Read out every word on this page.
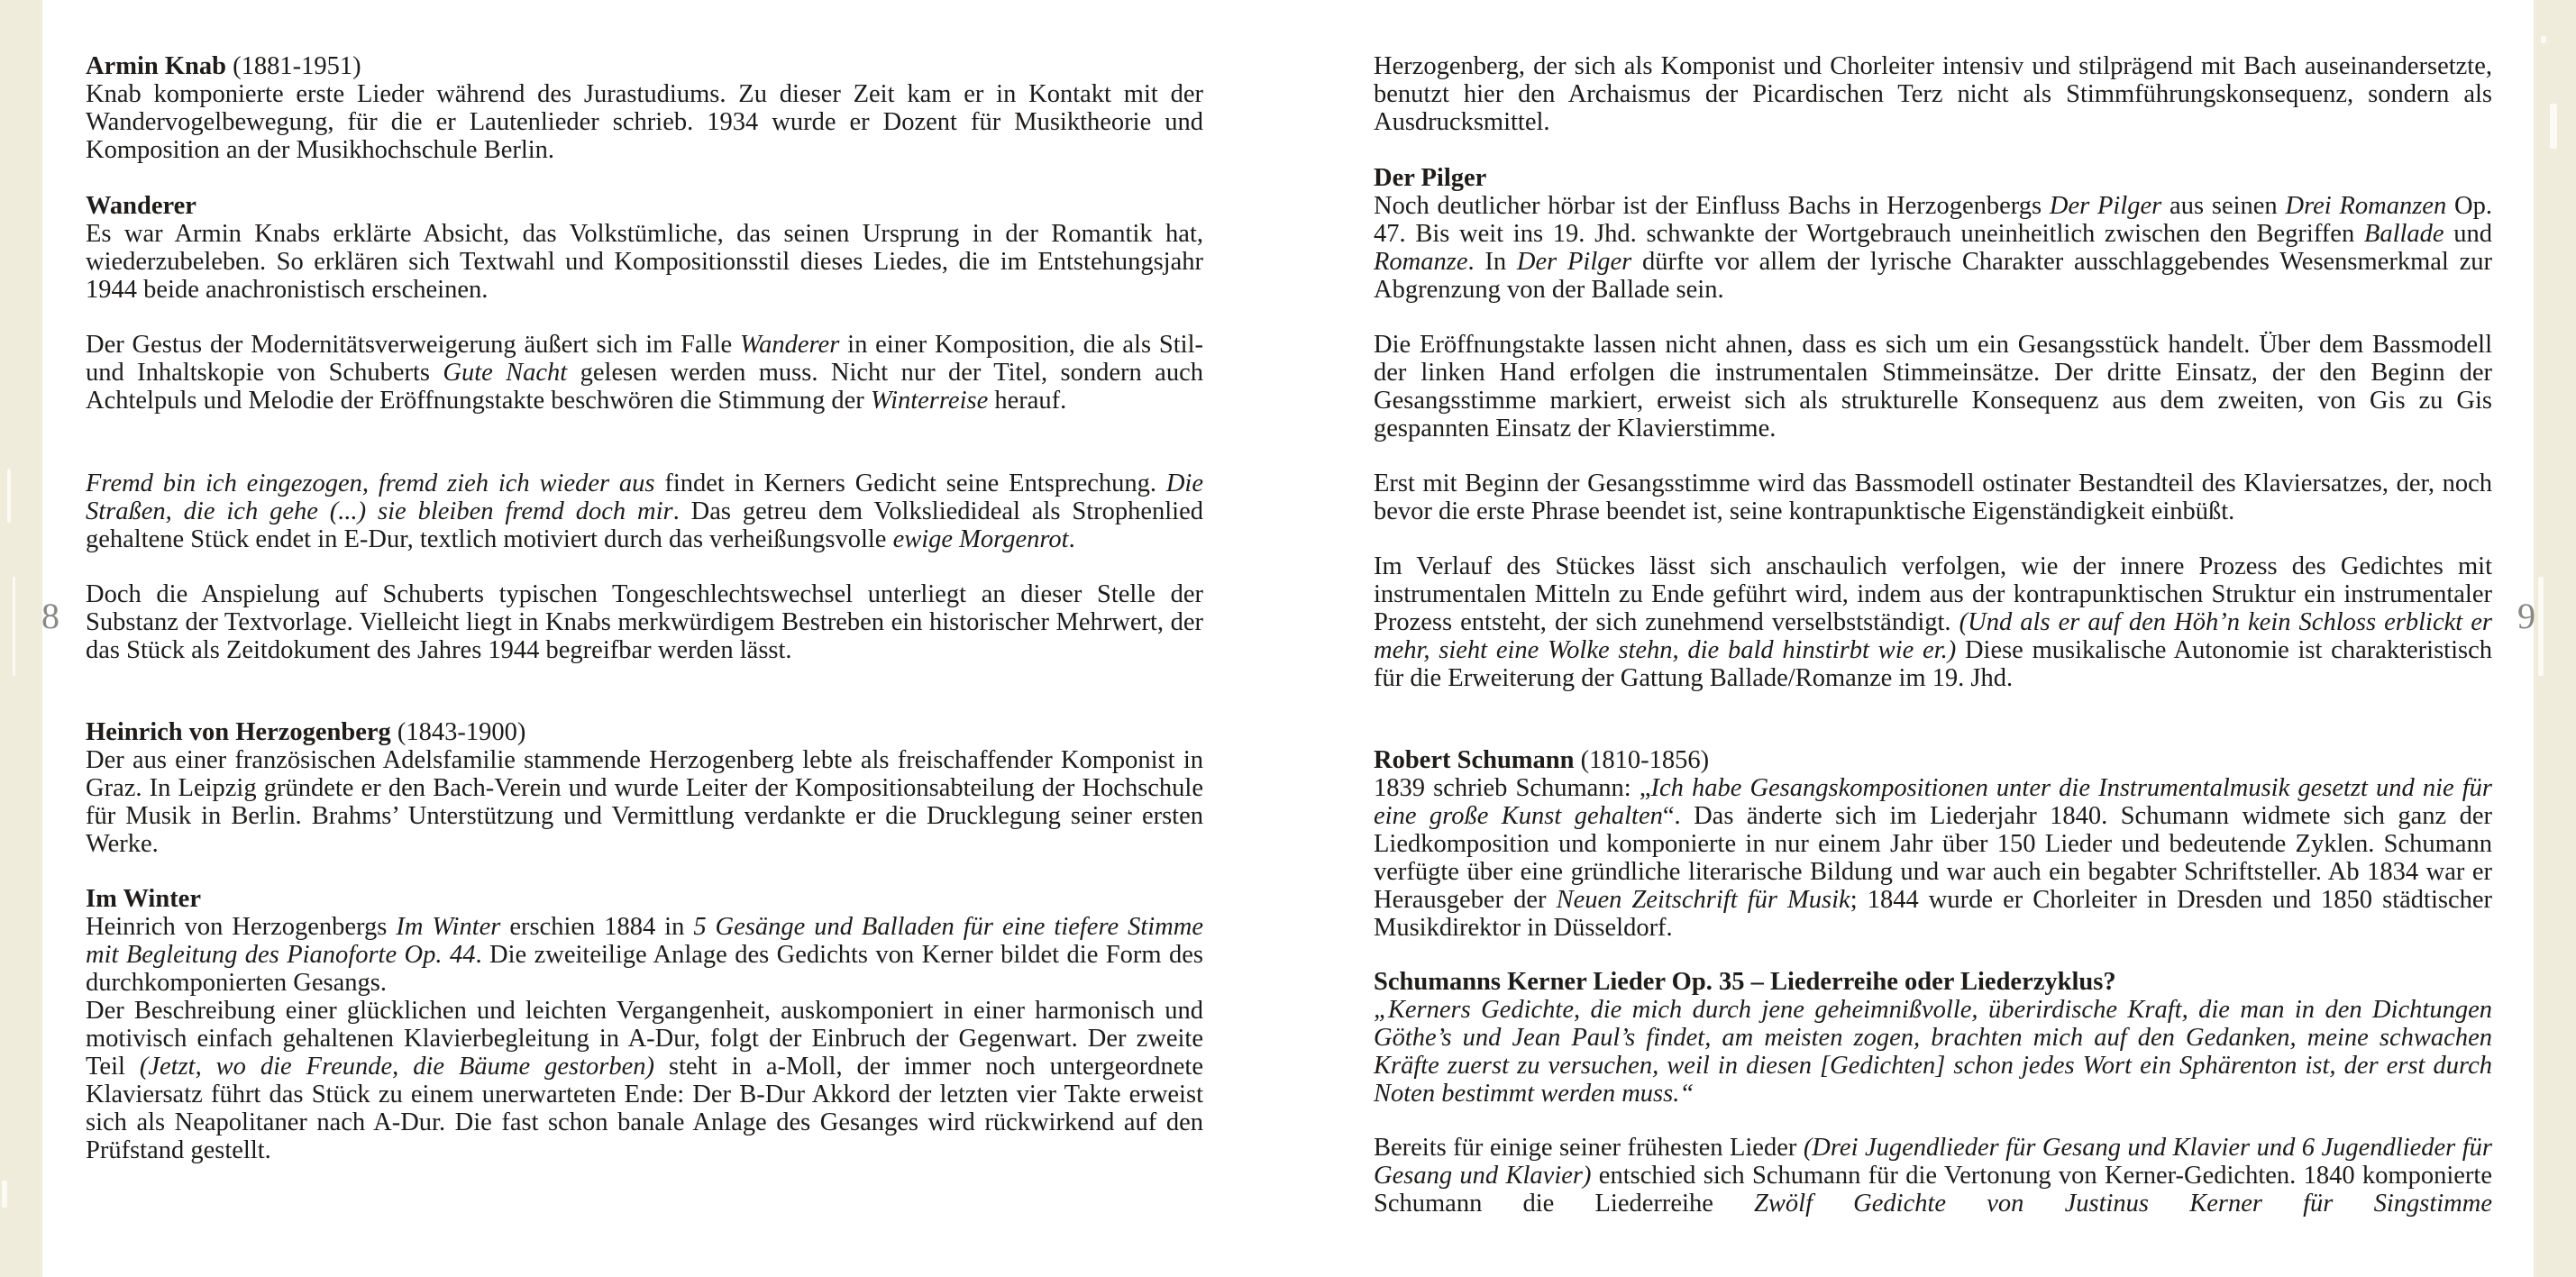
8	9
Armin Knab (1881-1951)

Knab komponierte erste Lieder während des Jurastudiums. Zu dieser Zeit kam er in Kontakt mit der Wandervogelbewegung, für die er Lautenlieder schrieb. 1934 wurde er Dozent für Musiktheorie und Komposition an der Musikhochschule Berlin.

Wanderer

Es war Armin Knabs erklärte Absicht, das Volkstümliche, das seinen Ursprung in der Romantik hat, wiederzubeleben. So erklären sich Textwahl und Kompositionsstil dieses Liedes, die im Entstehungsjahr 1944 beide anachronistisch erscheinen.

Der Gestus der Modernitätsverweigerung äußert sich im Falle Wanderer in einer Komposition, die als Stil- und Inhaltskopie von Schuberts Gute Nacht gelesen werden muss. Nicht nur der Titel, sondern auch Achtelpuls und Melodie der Eröffnungstakte beschwören die Stimmung der Winterreise herauf.

Fremd bin ich eingezogen, fremd zieh ich wieder aus findet in Kerners Gedicht seine Entsprechung. Die Straßen, die ich gehe (...) sie bleiben fremd doch mir. Das getreu dem Volksliedideal als Strophenlied gehaltene Stück endet in E-Dur, textlich motiviert durch das verheißungsvolle ewige Morgenrot.

Doch die Anspielung auf Schuberts typischen Tongeschlechtswechsel unterliegt an dieser Stelle der Substanz der Textvorlage. Vielleicht liegt in Knabs merkwürdigem Bestreben ein historischer Mehrwert, der das Stück als Zeitdokument des Jahres 1944 begreifbar werden lässt.

Heinrich von Herzogenberg (1843-1900)

Der aus einer französischen Adelsfamilie stammende Herzogenberg lebte als freischaffender Komponist in Graz. In Leipzig gründete er den Bach-Verein und wurde Leiter der Kompositionsabteilung der Hochschule für Musik in Berlin. Brahms’ Unterstützung und Vermittlung verdankte er die Drucklegung seiner ersten Werke.

Im Winter

Heinrich von Herzogenbergs Im Winter erschien 1884 in 5 Gesänge und Balladen für eine tiefere Stimme mit Begleitung des Pianoforte Op. 44. Die zweiteilige Anlage des Gedichts von Kerner bildet die Form des durchkomponierten Gesangs.

Der Beschreibung einer glücklichen und leichten Vergangenheit, auskomponiert in einer harmonisch und motivisch einfach gehaltenen Klavierbegleitung in A-Dur, folgt der Einbruch der Gegenwart. Der zweite Teil (Jetzt, wo die Freunde, die Bäume gestorben) steht in a-Moll, der immer noch untergeordnete Klaviersatz führt das Stück zu einem unerwarteten Ende: Der B-Dur Akkord der letzten vier Takte erweist sich als Neapolitaner nach A-Dur. Die fast schon banale Anlage des Gesanges wird rückwirkend auf den Prüfstand gestellt.

Herzogenberg, der sich als Komponist und Chorleiter intensiv und stilprägend mit Bach auseinandersetzte, benutzt hier den Archaismus der Picardischen Terz nicht als Stimmführungskonsequenz, sondern als Ausdrucksmittel.

Der Pilger

Noch deutlicher hörbar ist der Einfluss Bachs in Herzogenbergs Der Pilger aus seinen Drei Romanzen Op. 47. Bis weit ins 19. Jhd. schwankte der Wortgebrauch uneinheitlich zwischen den Begriffen Ballade und Romanze. In Der Pilger dürfte vor allem der lyrische Charakter ausschlaggebendes Wesensmerkmal zur Abgrenzung von der Ballade sein.

Die Eröffnungstakte lassen nicht ahnen, dass es sich um ein Gesangsstück handelt. Über dem Bassmodell der linken Hand erfolgen die instrumentalen Stimmeinsätze. Der dritte Einsatz, der den Beginn der Gesangsstimme markiert, erweist sich als strukturelle Konsequenz aus dem zweiten, von Gis zu Gis gespannten Einsatz der Klavierstimme.

Erst mit Beginn der Gesangsstimme wird das Bassmodell ostinater Bestandteil des Klaviersatzes, der, noch bevor die erste Phrase beendet ist, seine kontrapunktische Eigenständigkeit einbüßt.

Im Verlauf des Stückes lässt sich anschaulich verfolgen, wie der innere Prozess des Gedichtes mit instrumentalen Mitteln zu Ende geführt wird, indem aus der kontrapunktischen Struktur ein instrumentaler Prozess entsteht, der sich zunehmend verselbstständigt. (Und als er auf den Höh’n kein Schloss erblickt er mehr, sieht eine Wolke stehn, die bald hinstirbt wie er.) Diese musikalische Autonomie ist charakteristisch für die Erweiterung der Gattung Ballade/Romanze im 19. Jhd.

Robert Schumann (1810-1856)

1839 schrieb Schumann: „Ich habe Gesangskompositionen unter die Instrumentalmusik gesetzt und nie für eine große Kunst gehalten“. Das änderte sich im Liederjahr 1840. Schumann widmete sich ganz der Liedkomposition und komponierte in nur einem Jahr über 150 Lieder und bedeutende Zyklen. Schumann verfügte über eine gründliche literarische Bildung und war auch ein begabter Schriftsteller. Ab 1834 war er Herausgeber der Neuen Zeitschrift für Musik; 1844 wurde er Chorleiter in Dresden und 1850 städtischer Musikdirektor in Düsseldorf.

Schumanns Kerner Lieder Op. 35 – Liederreihe oder Liederzyklus?

„Kerners Gedichte, die mich durch jene geheimnißvolle, überirdische Kraft, die man in den Dichtungen Göthe’s und Jean Paul’s findet, am meisten zogen, brachten mich auf den Gedanken, meine schwachen Kräfte zuerst zu versuchen, weil in diesen [Gedichten] schon jedes Wort ein Sphärenton ist, der erst durch Noten bestimmt werden muss.“

Bereits für einige seiner frühesten Lieder (Drei Jugendlieder für Gesang und Klavier und 6 Jugendlieder für Gesang und Klavier) entschied sich Schumann für die Vertonung von Kerner-Gedichten. 1840 komponierte Schumann die Liederreihe Zwölf Gedichte von Justinus Kerner für Singstimme
